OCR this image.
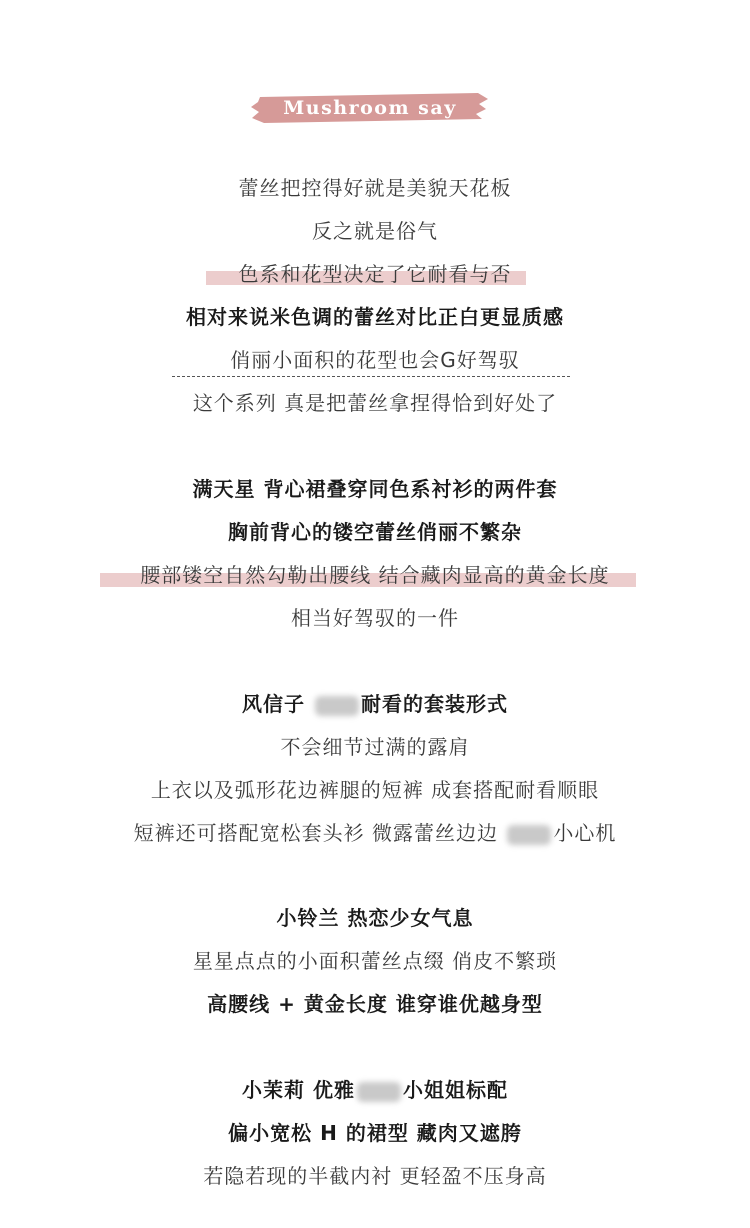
Mushroom say
蕾丝把控得好就是美貌天花板
反之就是俗气
色系和花型决定了它耐看与否
相对来说米色调的蕾丝对比正白更显质感
俏丽小面积的花型也会G好驾驭
这个系列 真是把蕾丝拿捏得恰到好处了
满天星 背心裙叠穿同色系衬衫的两件套
胸前背心的镂空蕾丝俏丽不繁杂
腰部镂空自然勾勒出腰线 结合藏肉显高的黄金长度
相当好驾驭的一件
风信子 耐看的套装形式
不会细节过满的露肩
上衣以及弧形花边裤腿的短裤 成套搭配耐看顺眼
短裤还可搭配宽松套头衫 微露蕾丝边边 小心机
小铃兰 热恋少女气息
星星点点的小面积蕾丝点缀 俏皮不繁琐
高腰线 + 黄金长度 谁穿谁优越身型
小茉莉 优雅 小姐姐标配
偏小宽松 H 的裙型 藏肉又遮胯
若隐若现的半截内衬 更轻盈不压身高
